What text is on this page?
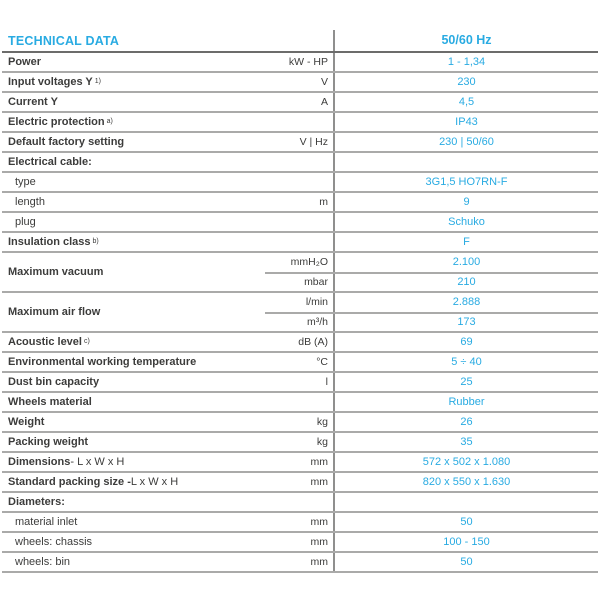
TECHNICAL DATA	50/60 Hz
Power	kW - HP	1 - 1,34
Input voltages Y 1)	V	230
Current Y	A	4,5
Electric protection a)	IP43
Default factory setting	V | Hz	230 | 50/60
Electrical cable:
type	3G1,5 HO7RN-F
length	m	9
plug	Schuko
Insulation class b)	F
Maximum vacuum
mmH₂O	2.100
mbar	210
Maximum air flow
l/min	2.888
m³/h	173
Acoustic level c)	dB (A)	69
Environmental working temperature	°C	5 ÷ 40
Dust bin capacity	l	25
Wheels material	Rubber
Weight	kg	26
Packing weight	kg	35
Dimensions - L x W x H	mm	572 x 502 x 1.080
Standard packing size - L x W x H	mm	820 x 550 x 1.630
Diameters:
material inlet	mm	50
wheels: chassis	mm	100 - 150
wheels: bin	mm	50
